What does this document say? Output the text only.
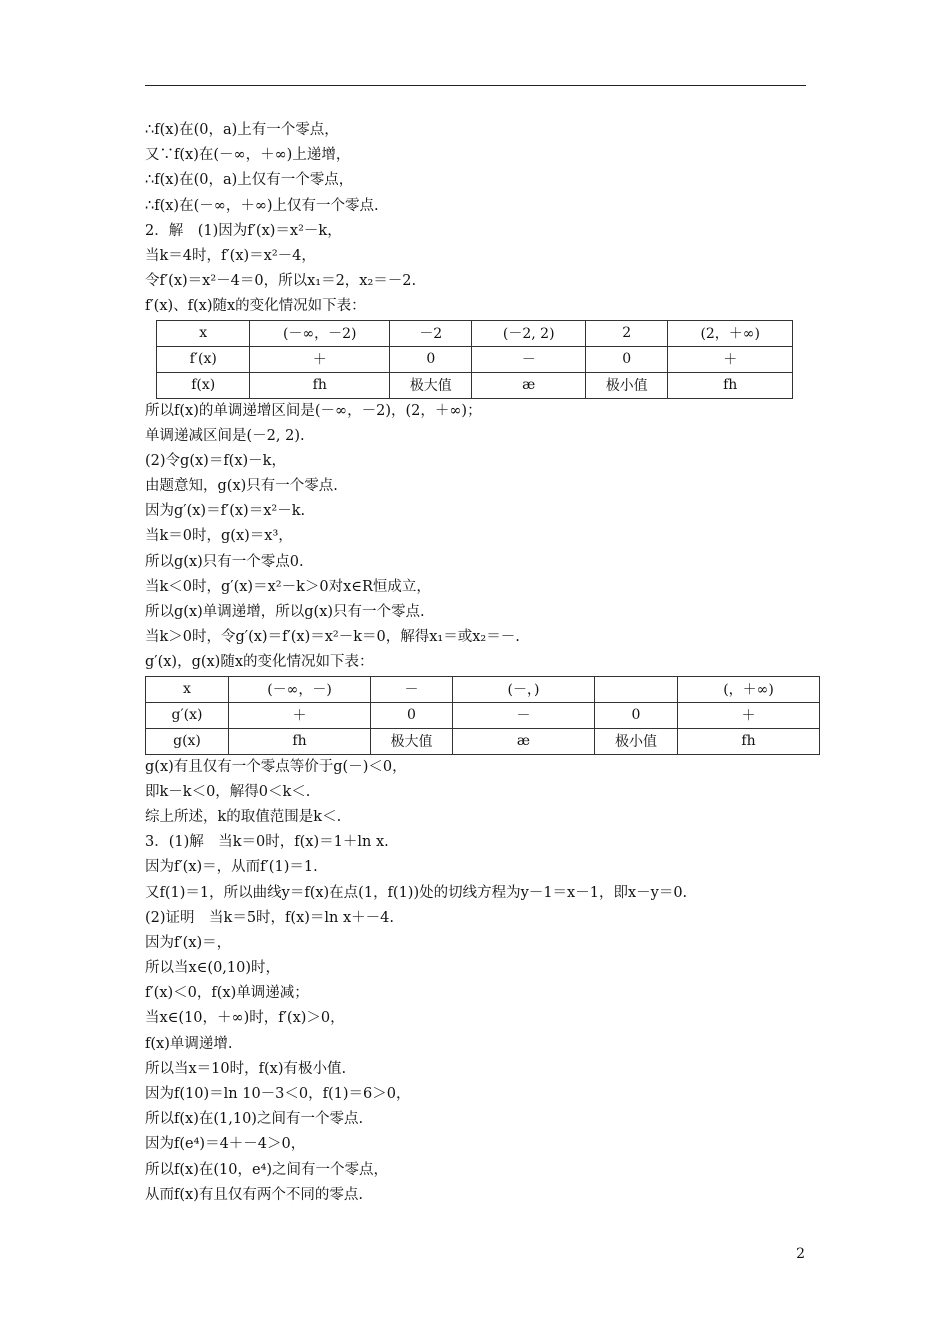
∴f(x)在(0，a)上有一个零点，
又∵f(x)在(－∞，＋∞)上递增，
∴f(x)在(0，a)上仅有一个零点，
∴f(x)在(－∞，＋∞)上仅有一个零点.
2．解　(1)因为f′(x)＝x²－k，
当k＝4时，f′(x)＝x²－4，
令f′(x)＝x²－4＝0，所以x₁＝2，x₂＝－2.
f′(x)、f(x)随x的变化情况如下表：
x	(－∞，－2)	－2	(－2, 2)	2	(2，＋∞)
f′(x)	＋	0	－	0	＋
f(x)	fh	极大值	æ	极小值	fh
所以f(x)的单调递增区间是(－∞，－2)，(2，＋∞)；
单调递减区间是(－2, 2).
(2)令g(x)＝f(x)－k，
由题意知，g(x)只有一个零点.
因为g′(x)＝f′(x)＝x²－k.
当k＝0时，g(x)＝x³，
所以g(x)只有一个零点0.
当k＜0时，g′(x)＝x²－k＞0对x∈R恒成立，
所以g(x)单调递增，所以g(x)只有一个零点.
当k＞0时，令g′(x)＝f′(x)＝x²－k＝0，解得x₁＝或x₂＝－.
g′(x)，g(x)随x的变化情况如下表：
x	(－∞，－)	－	(－，)		(，＋∞)
g′(x)	＋	0	－	0	＋
g(x)	fh	极大值	æ	极小值	fh
g(x)有且仅有一个零点等价于g(－)＜0，
即k－k＜0，解得0＜k＜.
综上所述，k的取值范围是k＜.
3．(1)解　当k＝0时，f(x)＝1＋ln x.
因为f′(x)＝，从而f′(1)＝1.
又f(1)＝1，所以曲线y＝f(x)在点(1，f(1))处的切线方程为y－1＝x－1，即x－y＝0.
(2)证明　当k＝5时，f(x)＝ln x＋－4.
因为f′(x)＝，
所以当x∈(0,10)时，
f′(x)＜0，f(x)单调递减；
当x∈(10，＋∞)时，f′(x)＞0，
f(x)单调递增.
所以当x＝10时，f(x)有极小值.
因为f(10)＝ln 10－3＜0，f(1)＝6＞0，
所以f(x)在(1,10)之间有一个零点.
因为f(e⁴)＝4＋－4＞0，
所以f(x)在(10，e⁴)之间有一个零点，
从而f(x)有且仅有两个不同的零点.
2
